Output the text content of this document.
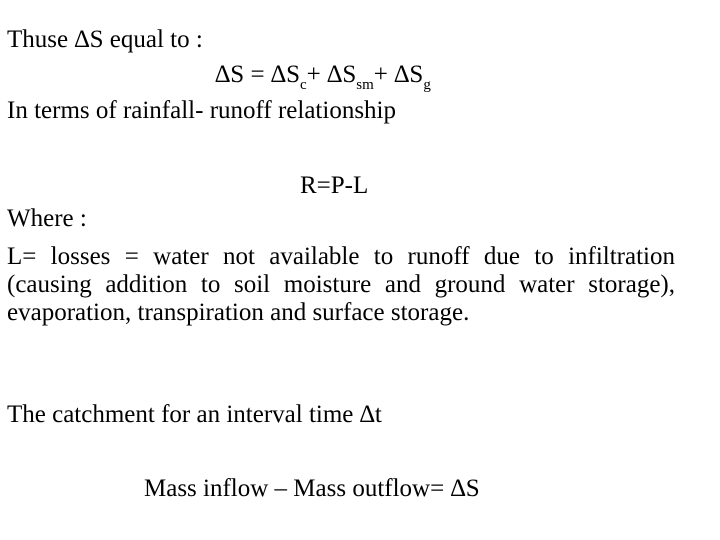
Thuse ∆S equal to :
$\Delta S = \Delta S_c+ \Delta S_{sm}+ \Delta S_g$
In terms of rainfall- runoff relationship
R=P-L
Where :
L= losses = water not available to runoff due to infiltration (causing addition to soil moisture and ground water storage), evaporation, transpiration and surface storage.
The catchment for an interval time ∆t
Mass inflow – Mass outflow= ∆S
